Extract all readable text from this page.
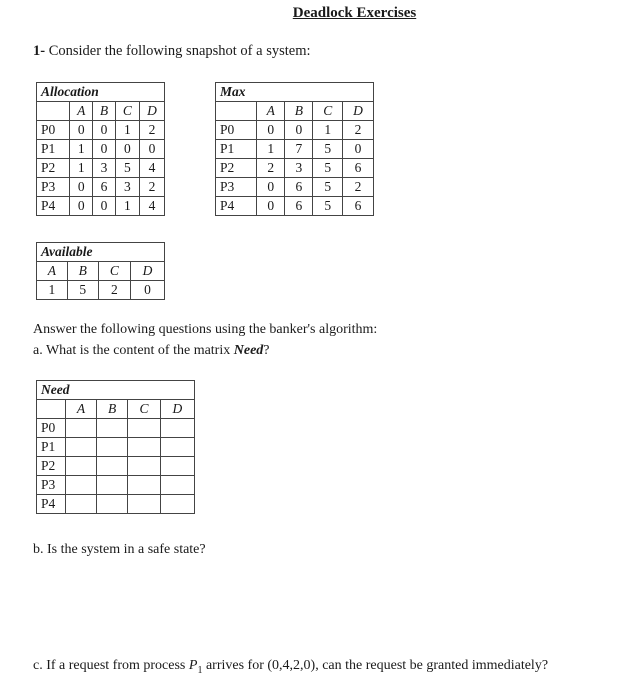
Deadlock Exercises
1- Consider the following snapshot of a system:
Allocation				
	A	B	C	D
P0	0	0	1	2
P1	1	0	0	0
P2	1	3	5	4
P3	0	6	3	2
P4	0	0	1	4
Max				
	A	B	C	D
P0	0	0	1	2
P1	1	7	5	0
P2	2	3	5	6
P3	0	6	5	2
P4	0	6	5	6
Available			
A	B	C	D
1	5	2	0
Answer the following questions using the banker's algorithm:
a. What is the content of the matrix Need?
Need				
	A	B	C	D
P0				
P1				
P2				
P3				
P4				
b. Is the system in a safe state?
c. If a request from process $P_1$ arrives for (0,4,2,0), can the request be granted immediately?
